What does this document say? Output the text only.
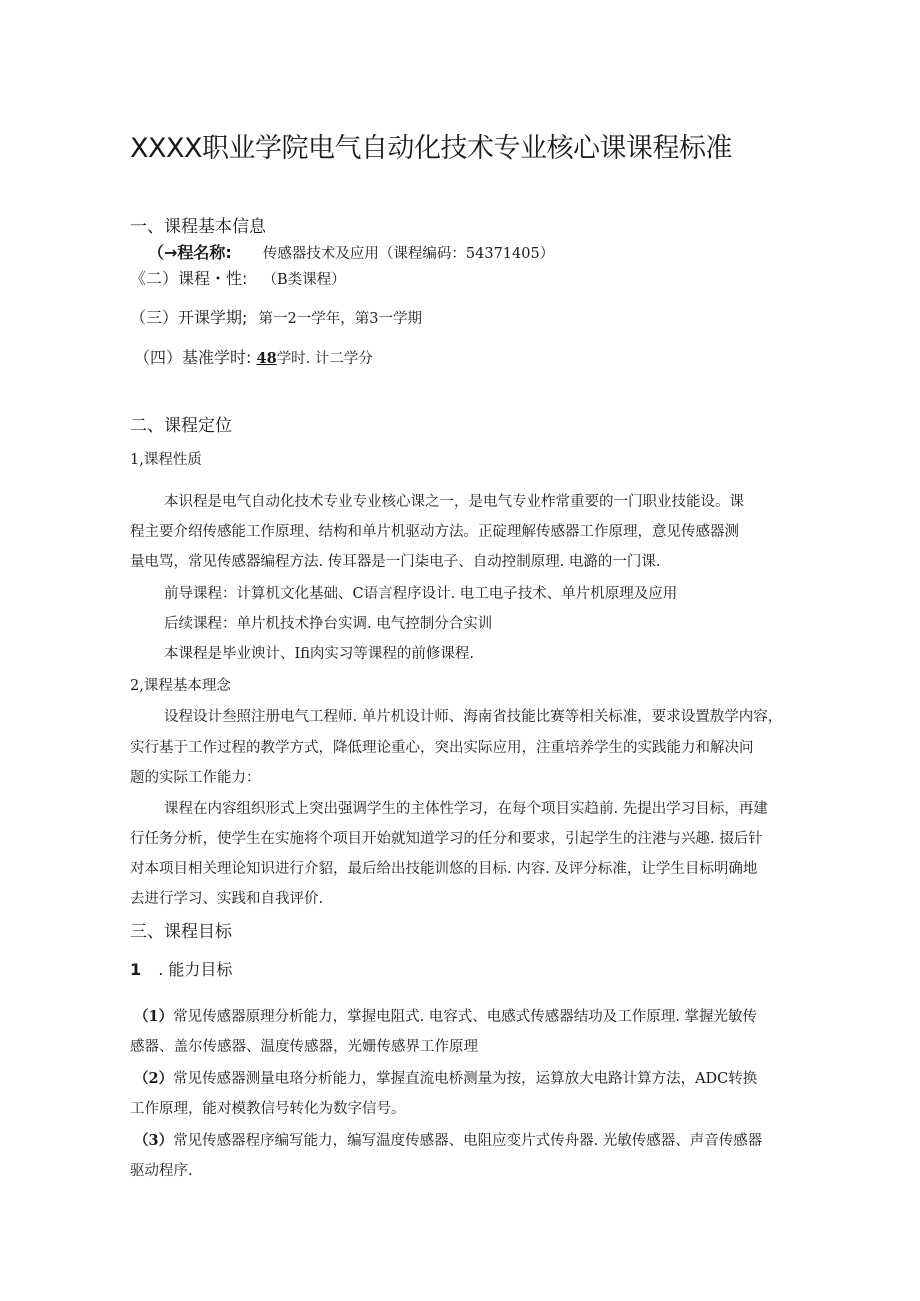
XXXX职业学院电气自动化技术专业核心课课程标准
一、课程基本信息
（→程名称: 传感器技术及应用（课程编码：54371405）
《二）课程・性: （B类课程）
（三）开课学期; 第一2一学年，第3一学期
（四）基准学时: 48学时. 计二学分
二、课程定位
1,课程性质
本识程是电气自动化技术专业专业核心课之一，是电气专业柞常重要的一门职业技能设。课
程主要介绍传感能工作原理、结构和单片机驱动方法。正碇理解传感器工作原理，意见传感器测
量电骂，常见传感器编程方法. 传耳器是一门柒电子、自动控制原理. 电潞的一门课.
前导课程：计算机文化基础、C语言程序设计. 电工电子技术、单片机原理及应用
后续课程：单片机技术挣台实调. 电气控制分合实训
本课程是毕业谀计、Ifi肉实习等课程的前修课程.
2,课程基本理念
设程设计叁照注册电气工程师. 单片机设计师、海南省技能比赛等相关标准，要求设置敖学内容，
实行基于工作过程的教学方式，降低理论重心，突出实际应用，注重培养学生的实践能力和解决问
题的实际工作能力：
课程在内容组织形式上突出强调学生的主体性学习，在每个项目实趋前. 先提出学习目标，再建
行任务分析，使学生在实施将个项目开始就知道学习的任分和要求，引起学生的注港与兴趣. 掇后针
对本项目相关理论知识进行介貂，最后给出技能训悠的目标. 内容. 及评分标准，让学生目标明确地
去进行学习、实践和自我评价.
三、课程目标
1 . 能力目标
（1）常见传感器原理分析能力，掌握电阻式. 电容式、电感式传感器结功及工作原理. 掌握光敏传
感器、盖尔传感器、温度传感器，光姗传感界工作原理
（2）常见传感器测量电珞分析能力，掌握直流电桥测量为按，运算放大电路计算方法，ADC转换
工作原理，能对模教信号转化为数字信号。
（3）常见传感器程序编写能力，编写温度传感器、电阻应变片式传舟器. 光敏传感器、声音传感器
驱动程序.
